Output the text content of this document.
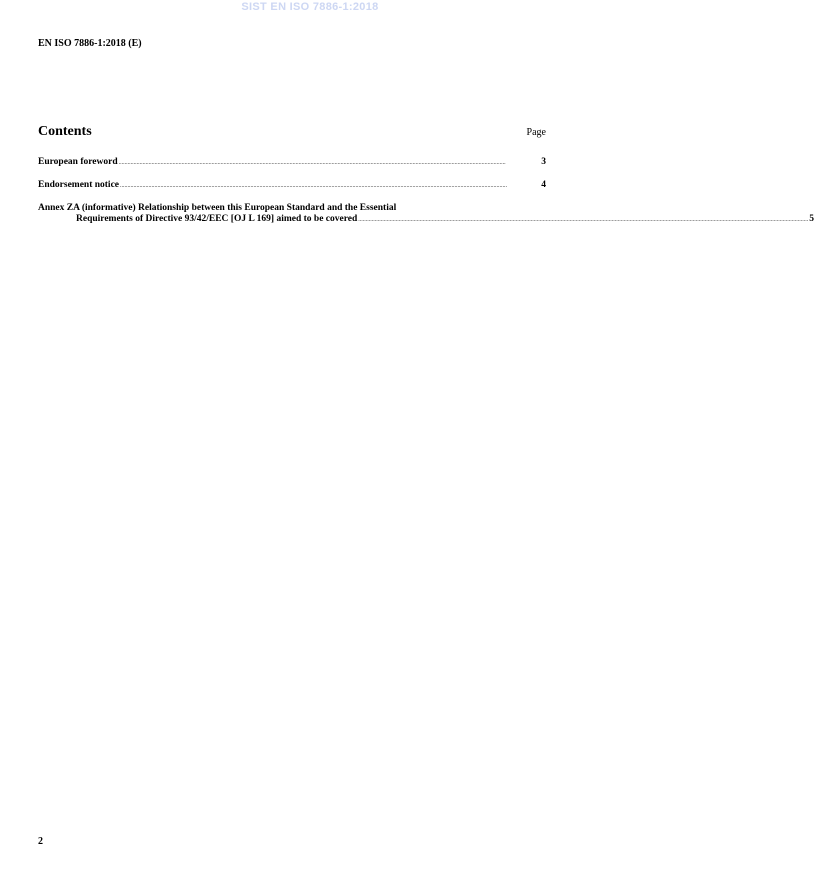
SIST EN ISO 7886-1:2018
EN ISO 7886-1:2018 (E)
Contents	Page
European foreword .....	3
Endorsement notice .....	4
Annex ZA (informative) Relationship between this European Standard and the Essential
Requirements of Directive 93/42/EEC [OJ L 169] aimed to be covered ............................................................................................................................................................................................................................................................................................................ 5
2
